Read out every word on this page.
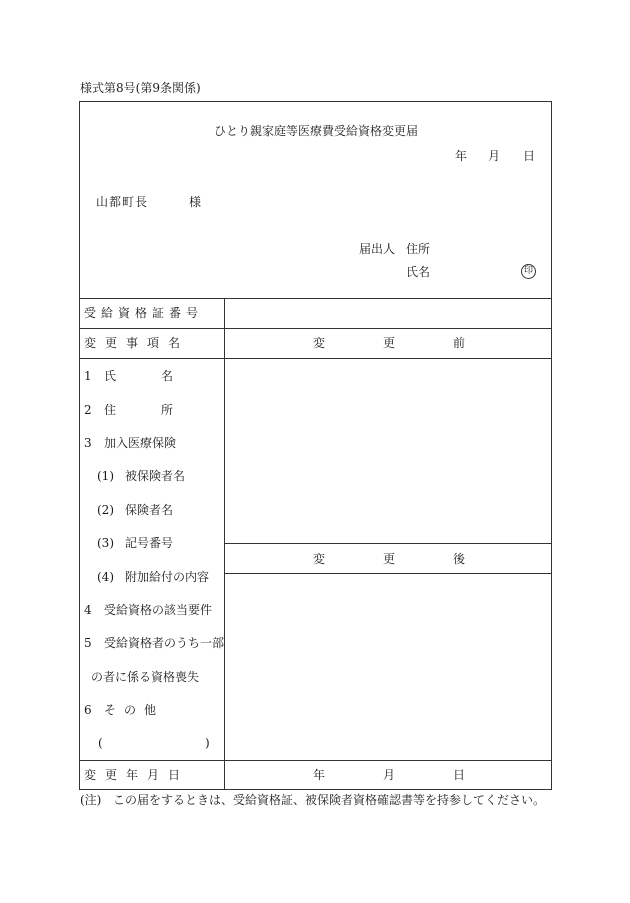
様式第8号(第9条関係)
ひとり親家庭等医療費受給資格変更届
年 月 日
山都町長	様
届出人 住所
氏名	印
受給資格証番号
変更事項名	変	更	前
変	更	後
1 氏	名
2 住	所
3 加入医療保険
(1) 被保険者名
(2) 保険者名
(3) 記号番号
(4) 附加給付の内容
4 受給資格の該当要件
5 受給資格者のうち一部
の者に係る資格喪失
6 その他
(	)
変更年月日	年	月	日
(注) この届をするときは、受給資格証、被保険者資格確認書等を持参してください。
